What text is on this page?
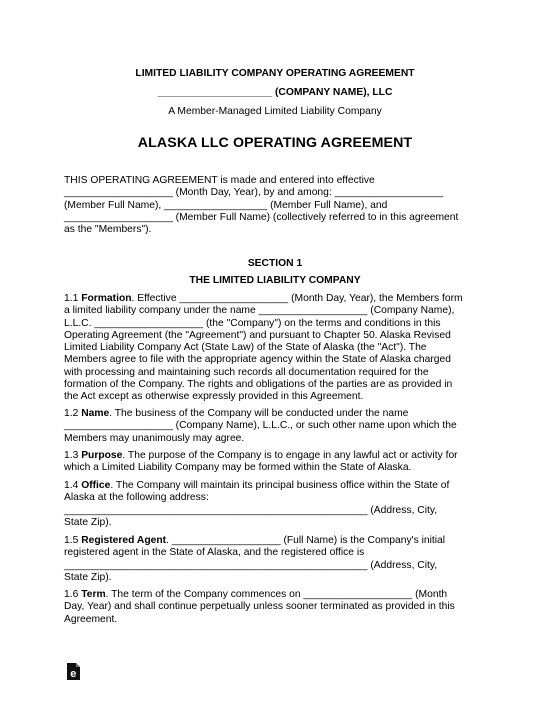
LIMITED LIABILITY COMPANY OPERATING AGREEMENT
____________________ (COMPANY NAME), LLC
A Member-Managed Limited Liability Company
ALASKA LLC OPERATING AGREEMENT
THIS OPERATING AGREEMENT is made and entered into effective
___________________ (Month Day, Year), by and among: ___________________
(Member Full Name), __________________ (Member Full Name), and
___________________ (Member Full Name) (collectively referred to in this agreement
as the "Members").
SECTION 1
THE LIMITED LIABILITY COMPANY
1.1 Formation. Effective ___________________ (Month Day, Year), the Members form
a limited liability company under the name ___________________ (Company Name),
L.L.C. ___________________ (the "Company") on the terms and conditions in this
Operating Agreement (the "Agreement") and pursuant to Chapter 50. Alaska Revised
Limited Liability Company Act (State Law) of the State of Alaska (the "Act"). The
Members agree to file with the appropriate agency within the State of Alaska charged
with processing and maintaining such records all documentation required for the
formation of the Company. The rights and obligations of the parties are as provided in
the Act except as otherwise expressly provided in this Agreement.
1.2 Name. The business of the Company will be conducted under the name
___________________ (Company Name), L.L.C., or such other name upon which the
Members may unanimously may agree.
1.3 Purpose. The purpose of the Company is to engage in any lawful act or activity for
which a Limited Liability Company may be formed within the State of Alaska.
1.4 Office. The Company will maintain its principal business office within the State of
Alaska at the following address:
_____________________________________________________ (Address, City,
State Zip).
1.5 Registered Agent. ___________________ (Full Name) is the Company's initial
registered agent in the State of Alaska, and the registered office is
_____________________________________________________ (Address, City,
State Zip).
1.6 Term. The term of the Company commences on ___________________ (Month
Day, Year) and shall continue perpetually unless sooner terminated as provided in this
Agreement.
e
